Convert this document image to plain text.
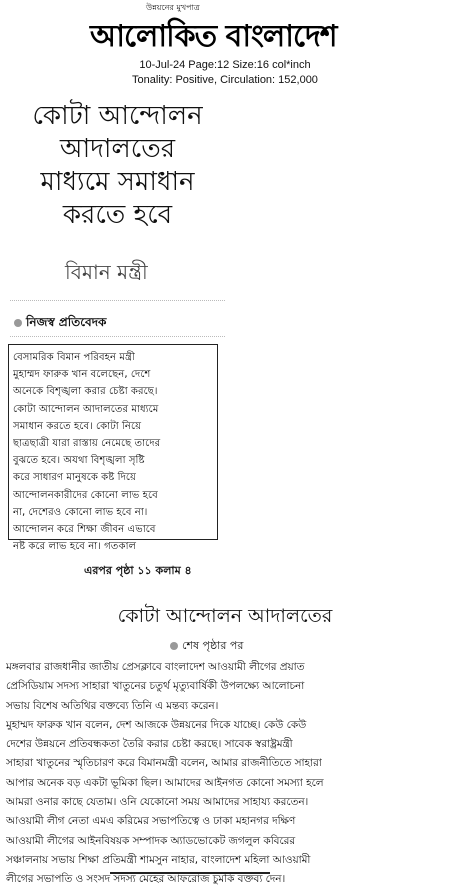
উন্নয়নের মুখপাত্র
আলোকিত বাংলাদেশ
10-Jul-24 Page:12 Size:16 col*inch
Tonality: Positive, Circulation: 152,000
কোটা আন্দোলন
আদালতের
মাধ্যমে সমাধান
করতে হবে
বিমান মন্ত্রী
নিজস্ব প্রতিবেদক
বেসামরিক বিমান পরিবহন মন্ত্রী
মুহাম্মদ ফারুক খান বলেছেন, দেশে
অনেকে বিশৃঙ্খলা করার চেষ্টা করছে।
কোটা আন্দোলন আদালতের মাধ্যমে
সমাধান করতে হবে। কোটা নিয়ে
ছাত্রছাত্রী যারা রাস্তায় নেমেছে তাদের
বুঝতে হবে। অযথা বিশৃঙ্খলা সৃষ্টি
করে সাধারণ মানুষকে কষ্ট দিয়ে
আন্দোলনকারীদের কোনো লাভ হবে
না, দেশেরও কোনো লাভ হবে না।
আন্দোলন করে শিক্ষা জীবন এভাবে
নষ্ট করে লাভ হবে না। গতকাল
এরপর পৃষ্ঠা ১১ কলাম ৪
কোটা আন্দোলন আদালতের
শেষ পৃষ্ঠার পর
মঙ্গলবার রাজধানীর জাতীয় প্রেসক্লাবে বাংলাদেশ আওয়ামী লীগের প্রয়াত
প্রেসিডিয়াম সদস্য সাহারা খাতুনের চতুর্থ মৃত্যুবার্ষিকী উপলক্ষ্যে আলোচনা
সভায় বিশেষ অতিথির বক্তব্যে তিনি এ মন্তব্য করেন।
মুহাম্মদ ফারুক খান বলেন, দেশ আজকে উন্নয়নের দিকে যাচ্ছে। কেউ কেউ
দেশের উন্নয়নে প্রতিবন্ধকতা তৈরি করার চেষ্টা করছে। সাবেক স্বরাষ্ট্রমন্ত্রী
সাহারা খাতুনের স্মৃতিচারণ করে বিমানমন্ত্রী বলেন, আমার রাজনীতিতে সাহারা
আপার অনেক বড় একটা ভূমিকা ছিল। আমাদের আইনগত কোনো সমস্যা হলে
আমরা ওনার কাছে যেতাম। ওনি যেকোনো সময় আমাদের সাহায্য করতেন।
আওয়ামী লীগ নেতা এমএ করিমের সভাপতিত্বে ও ঢাকা মহানগর দক্ষিণ
আওয়ামী লীগের আইনবিষয়ক সম্পাদক অ্যাডভোকেট জগলুল কবিরের
সঞ্চালনায় সভায় শিক্ষা প্রতিমন্ত্রী শামসুন নাহার, বাংলাদেশ মহিলা আওয়ামী
লীগের সভাপতি ও সংসদ সদস্য মেহের আফরোজ চুমকি বক্তব্য দেন।
